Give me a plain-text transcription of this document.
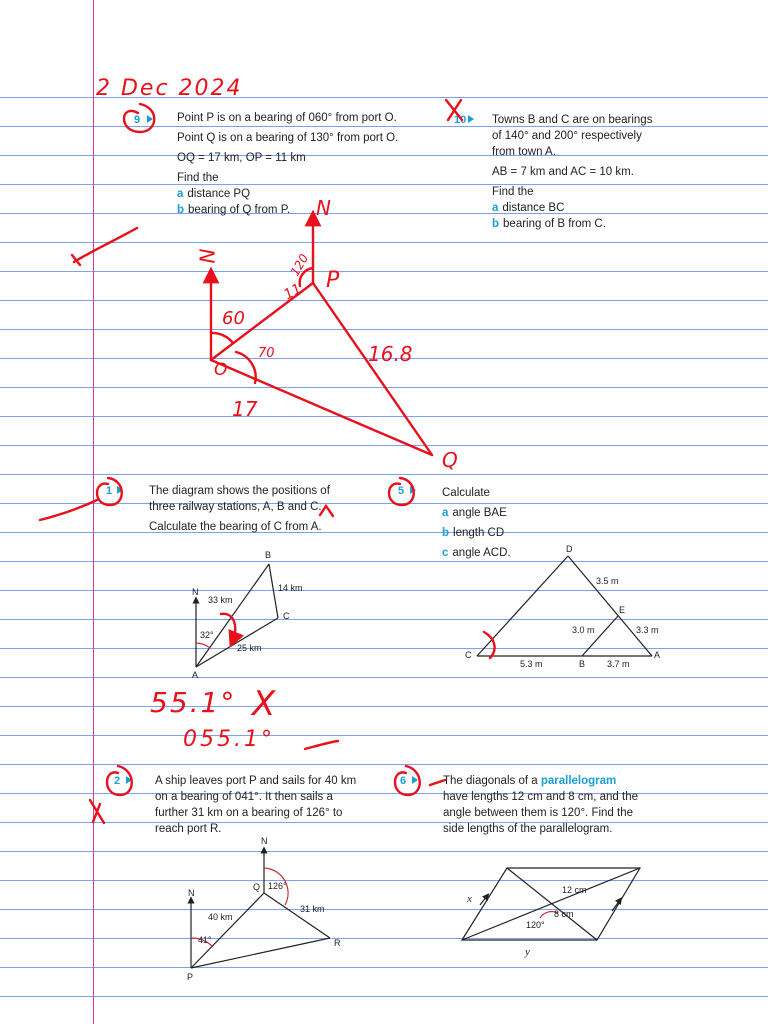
2 Dec 2024
9	Point P is on a bearing of 060° from port O.

Point Q is on a bearing of 130° from port O.

OQ = 17 km, OP = 11 km

Find the

a distance PQ

b bearing of Q from P.

10 Towns B and C are on bearings

of 140° and 200° respectively

from town A.

AB = 7 km and AC = 10 km.

Find the

a distance BC

b bearing of B from C.

1	The diagram shows the positions of

three railway stations, A, B and C.

Calculate the bearing of C from A.

5	Calculate

a angle BAE

b length CD

c angle ACD.

2	A ship leaves port P and sails for 40 km

on a bearing of 041°. It then sails a

further 31 km on a bearing of 126° to

reach port R.

6	The diagonals of a parallelogram

have lengths 12 cm and 8 cm, and the

angle between them is 120°. Find the

side lengths of the parallelogram.

N
N
60
70
O
P
Q
11
17
16.8
120
N
B
C
A
33 km
14 km
25 km
32°
55.1° X
055.1°
D
E
C
B
A
3.5 m
3.0 m	3.3 m
5.3 m	3.7 m
N
N
P
Q
R
40 km
31 km
41°
126°
x
y
12 cm
8 cm
120°
